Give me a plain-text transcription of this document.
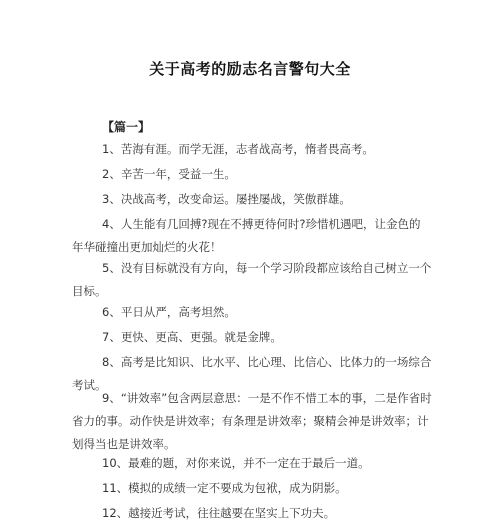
关于高考的励志名言警句大全
【篇一】
1、苦海有涯。而学无涯，志者战高考，惰者畏高考。
2、辛苦一年，受益一生。
3、决战高考，改变命运。屡挫屡战，笑傲群雄。
4、人生能有几回搏?现在不搏更待何时?珍惜机遇吧，让金色的年华碰撞出更加灿烂的火花！
5、没有目标就没有方向，每一个学习阶段都应该给自己树立一个目标。
6、平日从严，高考坦然。
7、更快、更高、更强。就是金牌。
8、高考是比知识、比水平、比心理、比信心、比体力的一场综合考试。
9、“讲效率”包含两层意思：一是不作不惜工本的事，二是作省时省力的事。动作快是讲效率；有条理是讲效率；聚精会神是讲效率；计划得当也是讲效率。
10、最难的题，对你来说，并不一定在于最后一道。
11、模拟的成绩一定不要成为包袱，成为阴影。
12、越接近考试，往往越要在坚实上下功夫。
